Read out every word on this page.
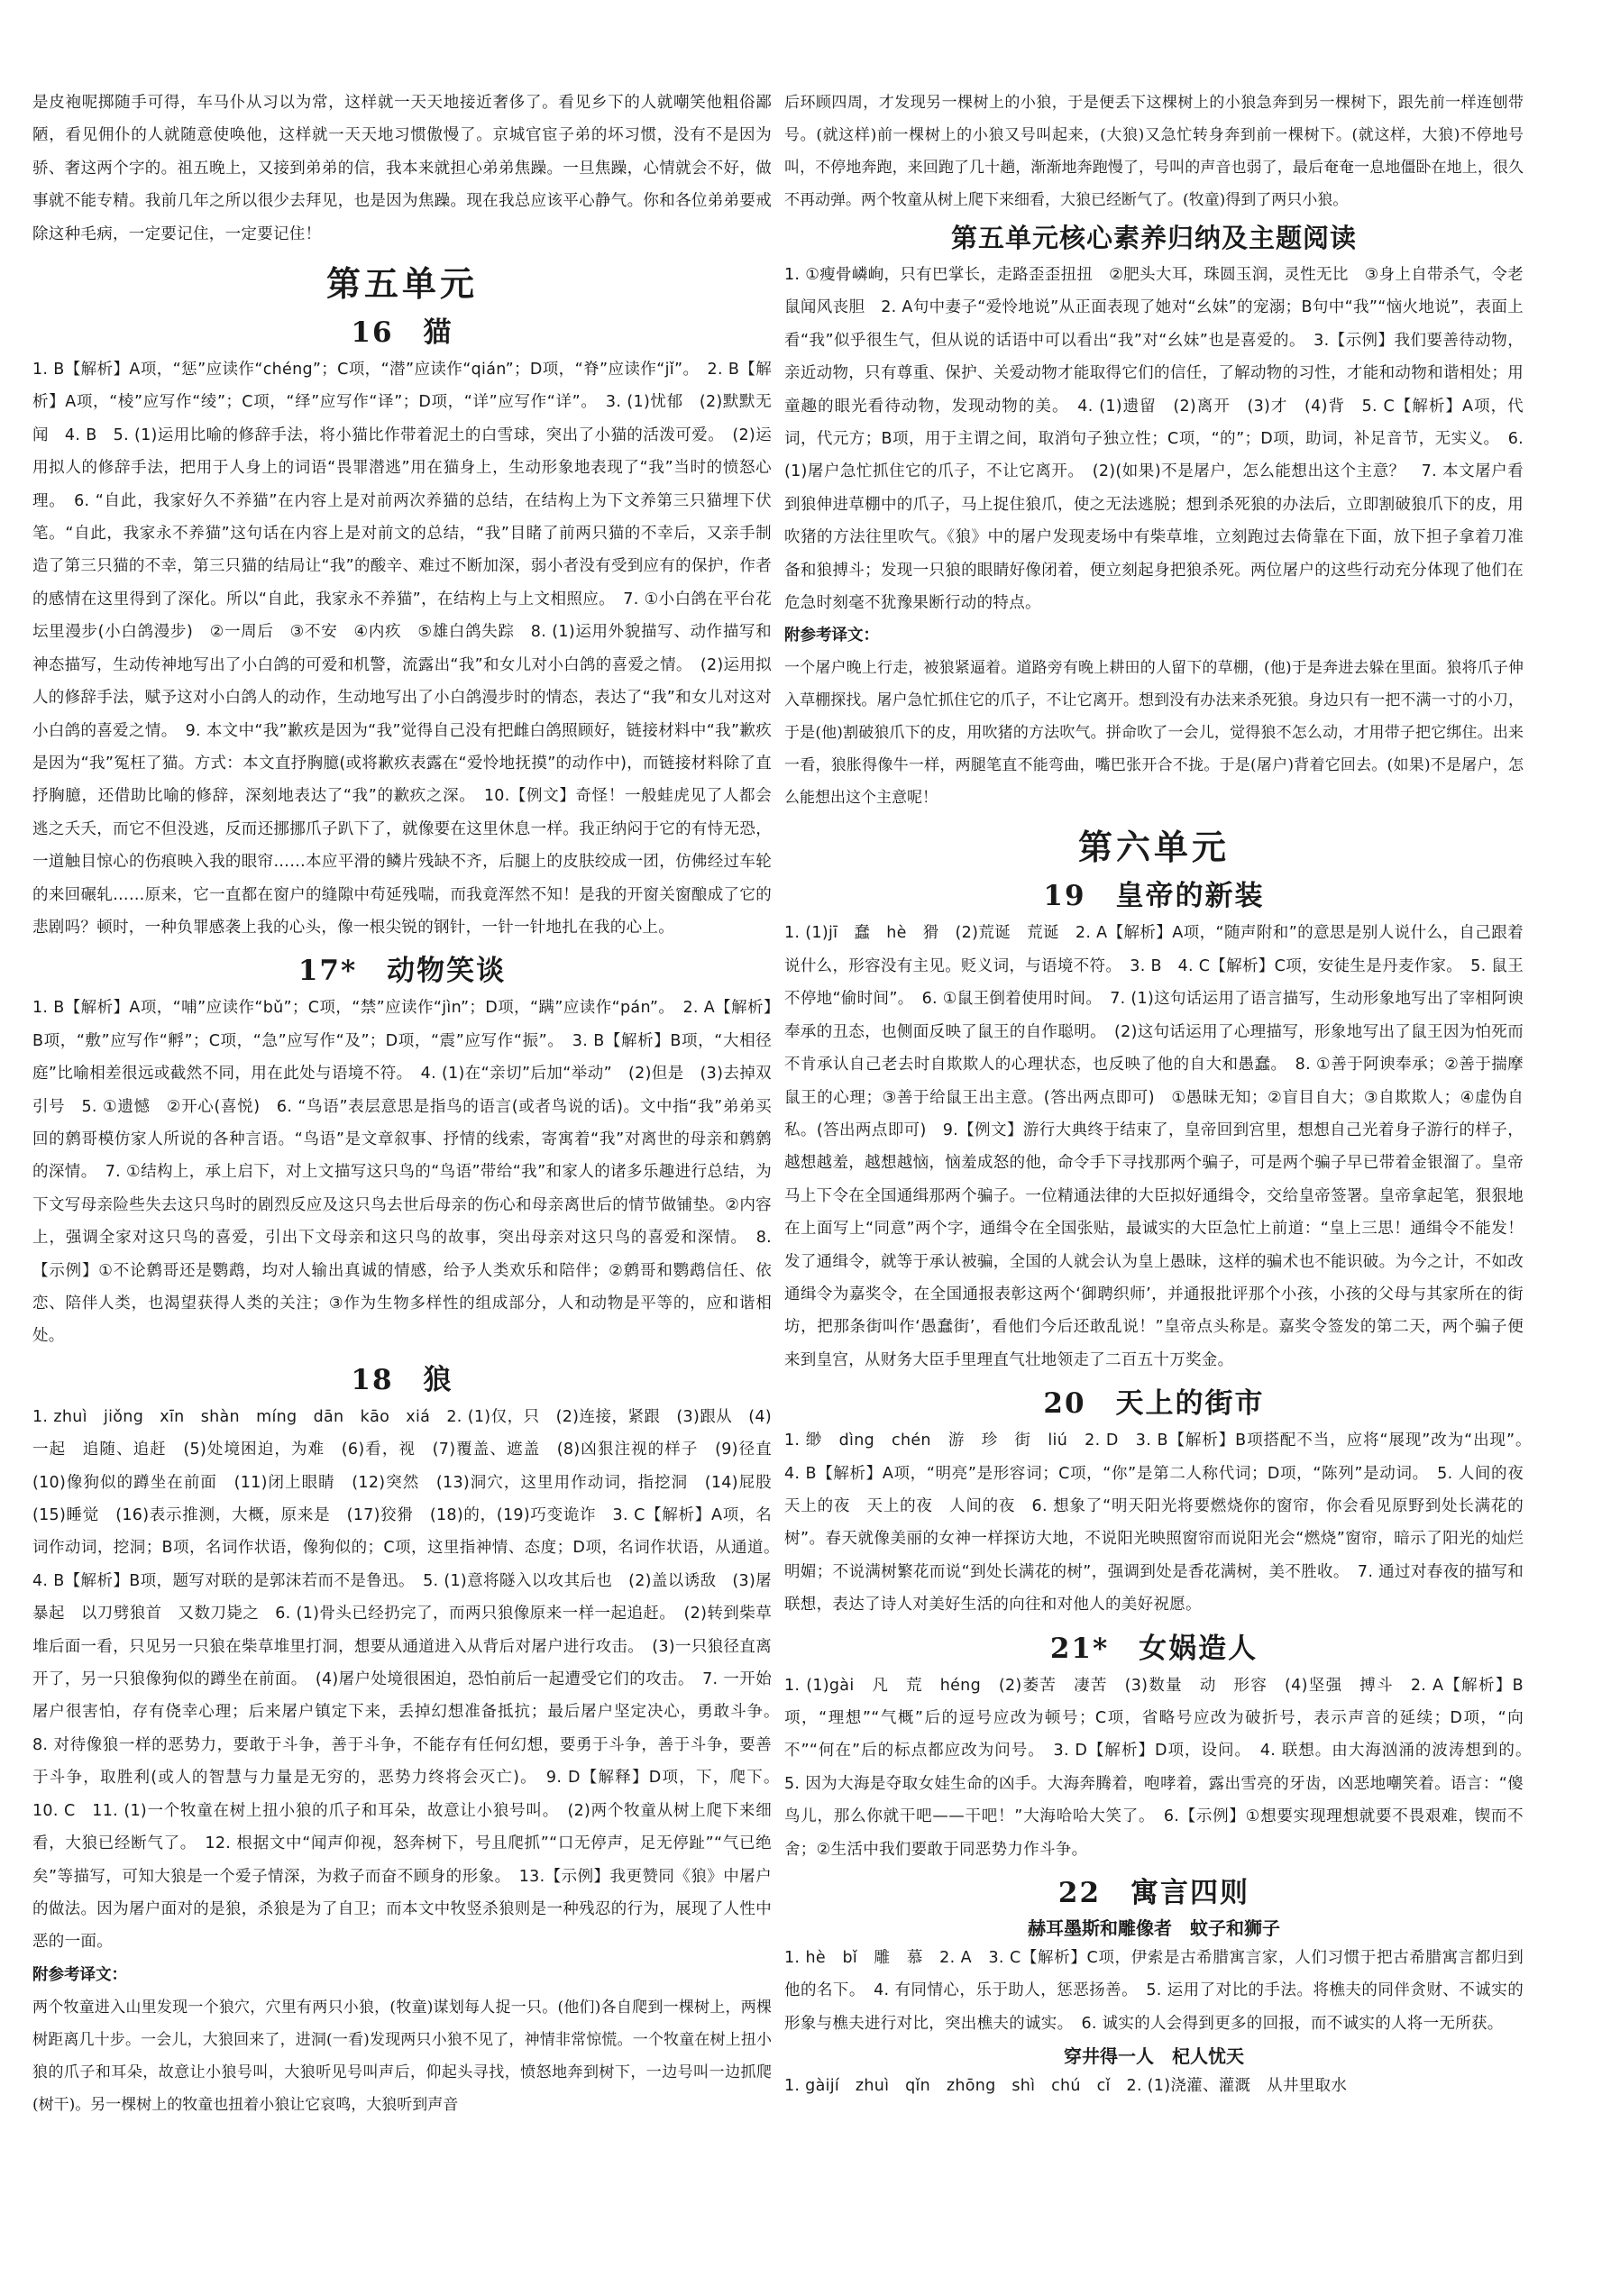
是皮袍呢掷随手可得，车马仆从习以为常，这样就一天天地接近奢侈了。看见乡下的人就嘲笑他粗俗鄙陋，看见佣仆的人就随意使唤他，这样就一天天地习惯傲慢了。京城官宦子弟的坏习惯，没有不是因为骄、奢这两个字的。祖五晚上，又接到弟弟的信，我本来就担心弟弟焦躁。一旦焦躁，心情就会不好，做事就不能专精。我前几年之所以很少去拜见，也是因为焦躁。现在我总应该平心静气。你和各位弟弟要戒除这种毛病，一定要记住，一定要记住！

第五单元
16　猫

1. B【解析】A项，“惩”应读作“chéng”；C项，“潜”应读作“qián”；D项，“脊”应读作“jǐ”。　2. B【解析】A项，“棱”应写作“绫”；C项，“绎”应写作“译”；D项，“详”应写作“详”。　3. (1)忧郁　(2)默默无闻　4. B　5. (1)运用比喻的修辞手法，将小猫比作带着泥土的白雪球，突出了小猫的活泼可爱。　(2)运用拟人的修辞手法，把用于人身上的词语“畏罪潜逃”用在猫身上，生动形象地表现了“我”当时的愤怒心理。　6. “自此，我家好久不养猫”在内容上是对前两次养猫的总结，在结构上为下文养第三只猫埋下伏笔。“自此，我家永不养猫”这句话在内容上是对前文的总结，“我”目睹了前两只猫的不幸后，又亲手制造了第三只猫的不幸，第三只猫的结局让“我”的酸辛、难过不断加深，弱小者没有受到应有的保护，作者的感情在这里得到了深化。所以“自此，我家永不养猫”，在结构上与上文相照应。　7. ①小白鸽在平台花坛里漫步(小白鸽漫步)　②一周后　③不安　④内疚　⑤雄白鸽失踪　8. (1)运用外貌描写、动作描写和神态描写，生动传神地写出了小白鸽的可爱和机警，流露出“我”和女儿对小白鸽的喜爱之情。　(2)运用拟人的修辞手法，赋予这对小白鸽人的动作，生动地写出了小白鸽漫步时的情态，表达了“我”和女儿对这对小白鸽的喜爱之情。　9. 本文中“我”歉疚是因为“我”觉得自己没有把雌白鸽照顾好，链接材料中“我”歉疚是因为“我”冤枉了猫。方式：本文直抒胸臆(或将歉疚表露在“爱怜地抚摸”的动作中)，而链接材料除了直抒胸臆，还借助比喻的修辞，深刻地表达了“我”的歉疚之深。　10.【例文】奇怪！一般蛙虎见了人都会逃之夭夭，而它不但没逃，反而还挪挪爪子趴下了，就像要在这里休息一样。我正纳闷于它的有恃无恐，一道触目惊心的伤痕映入我的眼帘……本应平滑的鳞片残缺不齐，后腿上的皮肤绞成一团，仿佛经过车轮的来回碾轧……原来，它一直都在窗户的缝隙中苟延残喘，而我竟浑然不知！是我的开窗关窗酿成了它的悲剧吗？顿时，一种负罪感袭上我的心头，像一根尖锐的钢针，一针一针地扎在我的心上。

17*　动物笑谈

1. B【解析】A项，“哺”应读作“bǔ”；C项，“禁”应读作“jìn”；D项，“蹒”应读作“pán”。　2. A【解析】B项，“敷”应写作“孵”；C项，“急”应写作“及”；D项，“震”应写作“振”。　3. B【解析】B项，“大相径庭”比喻相差很远或截然不同，用在此处与语境不符。　4. (1)在“亲切”后加“举动”　(2)但是　(3)去掉双引号　5. ①遗憾　②开心(喜悦)　6. “鸟语”表层意思是指鸟的语言(或者鸟说的话)。文中指“我”弟弟买回的鹩哥模仿家人所说的各种言语。“鸟语”是文章叙事、抒情的线索，寄寓着“我”对离世的母亲和鹩鹩的深情。　7. ①结构上，承上启下，对上文描写这只鸟的“鸟语”带给“我”和家人的诸多乐趣进行总结，为下文写母亲险些失去这只鸟时的剧烈反应及这只鸟去世后母亲的伤心和母亲离世后的情节做铺垫。②内容上，强调全家对这只鸟的喜爱，引出下文母亲和这只鸟的故事，突出母亲对这只鸟的喜爱和深情。　8.【示例】①不论鹩哥还是鹦鹉，均对人输出真诚的情感，给予人类欢乐和陪伴；②鹩哥和鹦鹉信任、依恋、陪伴人类，也渴望获得人类的关注；③作为生物多样性的组成部分，人和动物是平等的，应和谐相处。

18　狼

1. zhuì　jiǒng　xīn　shàn　míng　dān　kāo　xiá　2. (1)仅，只　(2)连接，紧跟　(3)跟从　(4)一起　追随、追赶　(5)处境困迫，为难　(6)看，视　(7)覆盖、遮盖　(8)凶狠注视的样子　(9)径直　(10)像狗似的蹲坐在前面　(11)闭上眼睛　(12)突然　(13)洞穴，这里用作动词，指挖洞　(14)屁股　(15)睡觉　(16)表示推测，大概，原来是　(17)狡猾　(18)的，(19)巧变诡诈　3. C【解析】A项，名词作动词，挖洞；B项，名词作状语，像狗似的；C项，这里指神情、态度；D项，名词作状语，从通道。　4. B【解析】B项，题写对联的是郭沫若而不是鲁迅。　5. (1)意将隧入以攻其后也　(2)盖以诱敌　(3)屠暴起　以刀劈狼首　又数刀毙之　6. (1)骨头已经扔完了，而两只狼像原来一样一起追赶。　(2)转到柴草堆后面一看，只见另一只狼在柴草堆里打洞，想要从通道进入从背后对屠户进行攻击。　(3)一只狼径直离开了，另一只狼像狗似的蹲坐在前面。　(4)屠户处境很困迫，恐怕前后一起遭受它们的攻击。　7. 一开始屠户很害怕，存有侥幸心理；后来屠户镇定下来，丢掉幻想准备抵抗；最后屠户坚定决心，勇敢斗争。　8. 对待像狼一样的恶势力，要敢于斗争，善于斗争，不能存有任何幻想，要勇于斗争，善于斗争，要善于斗争，取胜利(或人的智慧与力量是无穷的，恶势力终将会灭亡)。　9. D【解释】D项，下，爬下。　10. C　11. (1)一个牧童在树上扭小狼的爪子和耳朵，故意让小狼号叫。　(2)两个牧童从树上爬下来细看，大狼已经断气了。　12. 根据文中“闻声仰视，怒奔树下，号且爬抓”“口无停声，足无停趾”“气已绝矣”等描写，可知大狼是一个爱子情深，为救子而奋不顾身的形象。　13.【示例】我更赞同《狼》中屠户的做法。因为屠户面对的是狼，杀狼是为了自卫；而本文中牧竖杀狼则是一种残忍的行为，展现了人性中恶的一面。

附参考译文：

两个牧童进入山里发现一个狼穴，穴里有两只小狼，(牧童)谋划每人捉一只。(他们)各自爬到一棵树上，两棵树距离几十步。一会儿，大狼回来了，进洞(一看)发现两只小狼不见了，神情非常惊慌。一个牧童在树上扭小狼的爪子和耳朵，故意让小狼号叫，大狼听见号叫声后，仰起头寻找，愤怒地奔到树下，一边号叫一边抓爬(树干)。另一棵树上的牧童也扭着小狼让它哀鸣，大狼听到声音

后环顾四周，才发现另一棵树上的小狼，于是便丢下这棵树上的小狼急奔到另一棵树下，跟先前一样连刨带号。(就这样)前一棵树上的小狼又号叫起来，(大狼)又急忙转身奔到前一棵树下。(就这样，大狼)不停地号叫，不停地奔跑，来回跑了几十趟，渐渐地奔跑慢了，号叫的声音也弱了，最后奄奄一息地僵卧在地上，很久不再动弹。两个牧童从树上爬下来细看，大狼已经断气了。(牧童)得到了两只小狼。

第五单元核心素养归纳及主题阅读

1. ①瘦骨嶙峋，只有巴掌长，走路歪歪扭扭　②肥头大耳，珠圆玉润，灵性无比　③身上自带杀气，令老鼠闻风丧胆　2. A句中妻子“爱怜地说”从正面表现了她对“幺妹”的宠溺；B句中“我”“恼火地说”，表面上看“我”似乎很生气，但从说的话语中可以看出“我”对“幺妹”也是喜爱的。　3.【示例】我们要善待动物，亲近动物，只有尊重、保护、关爱动物才能取得它们的信任，了解动物的习性，才能和动物和谐相处；用童趣的眼光看待动物，发现动物的美。　4. (1)遗留　(2)离开　(3)才　(4)背　5. C【解析】A项，代词，代元方；B项，用于主谓之间，取消句子独立性；C项，“的”；D项，助词，补足音节，无实义。　6. (1)屠户急忙抓住它的爪子，不让它离开。　(2)(如果)不是屠户，怎么能想出这个主意？　7. 本文屠户看到狼伸进草棚中的爪子，马上捉住狼爪，使之无法逃脱；想到杀死狼的办法后，立即割破狼爪下的皮，用吹猪的方法往里吹气。《狼》中的屠户发现麦场中有柴草堆，立刻跑过去倚靠在下面，放下担子拿着刀准备和狼搏斗；发现一只狼的眼睛好像闭着，便立刻起身把狼杀死。两位屠户的这些行动充分体现了他们在危急时刻毫不犹豫果断行动的特点。

附参考译文：

一个屠户晚上行走，被狼紧逼着。道路旁有晚上耕田的人留下的草棚，(他)于是奔进去躲在里面。狼将爪子伸入草棚探找。屠户急忙抓住它的爪子，不让它离开。想到没有办法来杀死狼。身边只有一把不满一寸的小刀，于是(他)割破狼爪下的皮，用吹猪的方法吹气。拼命吹了一会儿，觉得狼不怎么动，才用带子把它绑住。出来一看，狼胀得像牛一样，两腿笔直不能弯曲，嘴巴张开合不拢。于是(屠户)背着它回去。(如果)不是屠户，怎么能想出这个主意呢！

第六单元
19　皇帝的新装

1. (1)jī　蠢　hè　猾　(2)荒诞　荒诞　2. A【解析】A项，“随声附和”的意思是别人说什么，自己跟着说什么，形容没有主见。贬义词，与语境不符。　3. B　4. C【解析】C项，安徒生是丹麦作家。　5. 鼠王不停地“偷时间”。　6. ①鼠王倒着使用时间。　7. (1)这句话运用了语言描写，生动形象地写出了宰相阿谀奉承的丑态，也侧面反映了鼠王的自作聪明。　(2)这句话运用了心理描写，形象地写出了鼠王因为怕死而不肯承认自己老去时自欺欺人的心理状态，也反映了他的自大和愚蠢。　8. ①善于阿谀奉承；②善于揣摩鼠王的心理；③善于给鼠王出主意。(答出两点即可)　①愚昧无知；②盲目自大；③自欺欺人；④虚伪自私。(答出两点即可)　9.【例文】游行大典终于结束了，皇帝回到宫里，想想自己光着身子游行的样子，越想越羞，越想越恼，恼羞成怒的他，命令手下寻找那两个骗子，可是两个骗子早已带着金银溜了。皇帝马上下令在全国通缉那两个骗子。一位精通法律的大臣拟好通缉令，交给皇帝签署。皇帝拿起笔，狠狠地在上面写上“同意”两个字，通缉令在全国张贴，最诚实的大臣急忙上前道：“皇上三思！通缉令不能发！发了通缉令，就等于承认被骗，全国的人就会认为皇上愚昧，这样的骗术也不能识破。为今之计，不如改通缉令为嘉奖令，在全国通报表彰这两个‘御聘织师’，并通报批评那个小孩，小孩的父母与其家所在的街坊，把那条街叫作‘愚蠢街’，看他们今后还敢乱说！”皇帝点头称是。嘉奖令签发的第二天，两个骗子便来到皇宫，从财务大臣手里理直气壮地领走了二百五十万奖金。

20　天上的街市

1. 缈　dìng　chén　游　珍　街　liú　2. D　3. B【解析】B项搭配不当，应将“展现”改为“出现”。　4. B【解析】A项，“明亮”是形容词；C项，“你”是第二人称代词；D项，“陈列”是动词。　5. 人间的夜　天上的夜　天上的夜　人间的夜　6. 想象了“明天阳光将要燃烧你的窗帘，你会看见原野到处长满花的树”。春天就像美丽的女神一样探访大地，不说阳光映照窗帘而说阳光会“燃烧”窗帘，暗示了阳光的灿烂明媚；不说满树繁花而说“到处长满花的树”，强调到处是香花满树，美不胜收。　7. 通过对春夜的描写和联想，表达了诗人对美好生活的向往和对他人的美好祝愿。

21*　女娲造人

1. (1)gài　凡　荒　héng　(2)萎苦　凄苦　(3)数量　动　形容　(4)坚强　搏斗　2. A【解析】B项，“理想”“气概”后的逗号应改为顿号；C项，省略号应改为破折号，表示声音的延续；D项，“向不”“何在”后的标点都应改为问号。　3. D【解析】D项，设问。　4. 联想。由大海汹涌的波涛想到的。　5. 因为大海是夺取女娃生命的凶手。大海奔腾着，咆哮着，露出雪亮的牙齿，凶恶地嘲笑着。语言：“傻鸟儿，那么你就干吧——干吧！”大海哈哈大笑了。　6.【示例】①想要实现理想就要不畏艰难，锲而不舍；②生活中我们要敢于同恶势力作斗争。

22　寓言四则
赫耳墨斯和雕像者　蚊子和狮子

1. hè　bǐ　雕　慕　2. A　3. C【解析】C项，伊索是古希腊寓言家，人们习惯于把古希腊寓言都归到他的名下。　4. 有同情心，乐于助人，惩恶扬善。　5. 运用了对比的手法。将樵夫的同伴贪财、不诚实的形象与樵夫进行对比，突出樵夫的诚实。　6. 诚实的人会得到更多的回报，而不诚实的人将一无所获。

穿井得一人　杞人忧天

1. gàijí　zhuì　qǐn　zhōng　shì　chú　cǐ　2. (1)浇灌、灌溉　从井里取水
